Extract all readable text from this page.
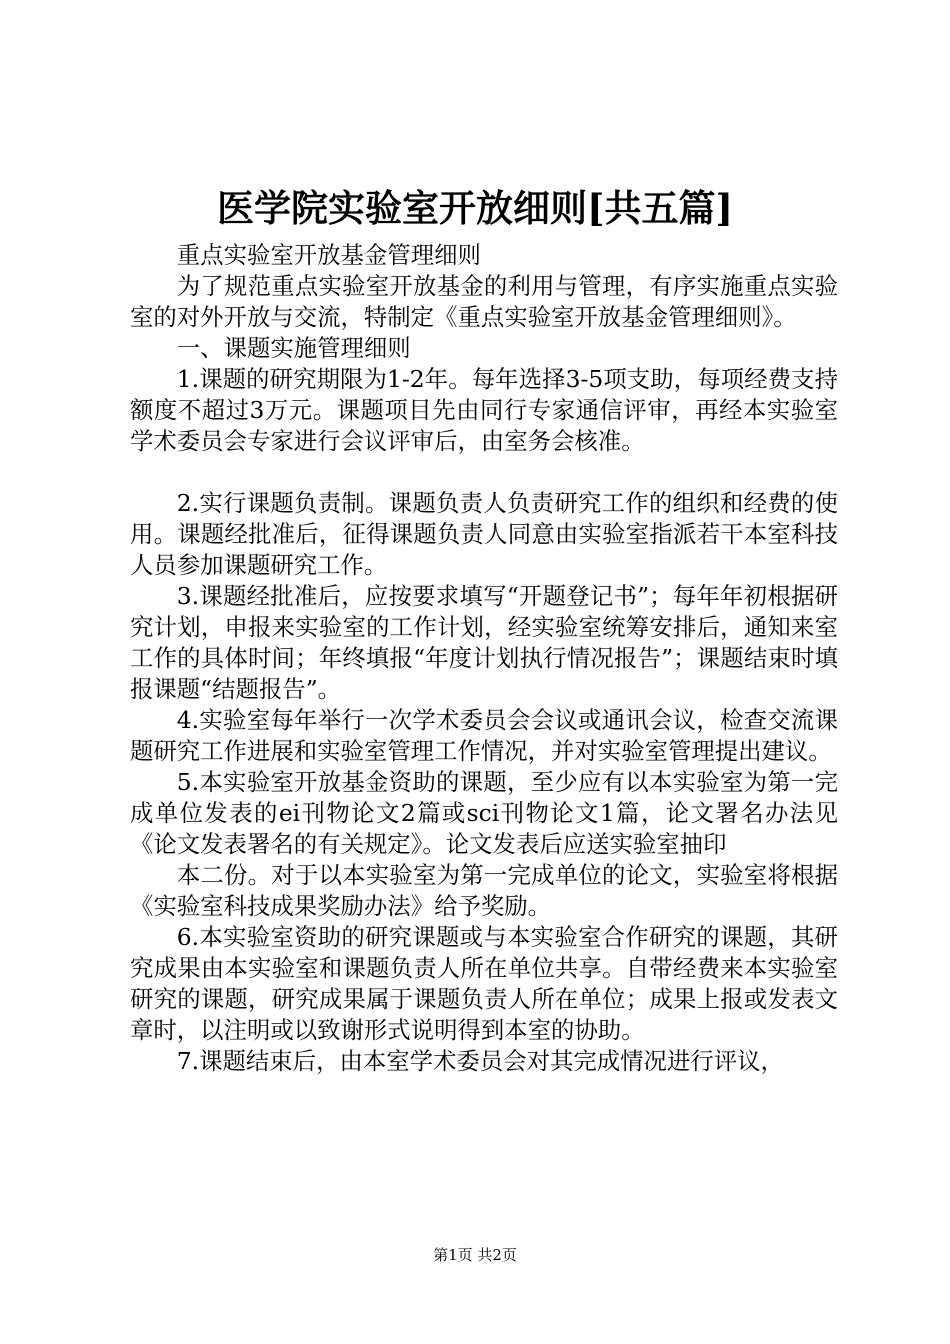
医学院实验室开放细则[共五篇]

重点实验室开放基金管理细则

为了规范重点实验室开放基金的利用与管理，有序实施重点实验室的对外开放与交流，特制定《重点实验室开放基金管理细则》。

一、课题实施管理细则

1.课题的研究期限为1-2年。每年选择3-5项支助，每项经费支持额度不超过3万元。课题项目先由同行专家通信评审，再经本实验室学术委员会专家进行会议评审后，由室务会核准。

2.实行课题负责制。课题负责人负责研究工作的组织和经费的使用。课题经批准后，征得课题负责人同意由实验室指派若干本室科技人员参加课题研究工作。

3.课题经批准后，应按要求填写“开题登记书”；每年年初根据研究计划，申报来实验室的工作计划，经实验室统筹安排后，通知来室工作的具体时间；年终填报“年度计划执行情况报告”；课题结束时填报课题“结题报告”。

4.实验室每年举行一次学术委员会会议或通讯会议，检查交流课题研究工作进展和实验室管理工作情况，并对实验室管理提出建议。

5.本实验室开放基金资助的课题，至少应有以本实验室为第一完成单位发表的ei刊物论文2篇或sci刊物论文1篇，论文署名办法见《论文发表署名的有关规定》。论文发表后应送实验室抽印

本二份。对于以本实验室为第一完成单位的论文，实验室将根据《实验室科技成果奖励办法》给予奖励。

6.本实验室资助的研究课题或与本实验室合作研究的课题，其研究成果由本实验室和课题负责人所在单位共享。自带经费来本实验室研究的课题，研究成果属于课题负责人所在单位；成果上报或发表文章时，以注明或以致谢形式说明得到本室的协助。

7.课题结束后，由本室学术委员会对其完成情况进行评议，

第1页 共2页
